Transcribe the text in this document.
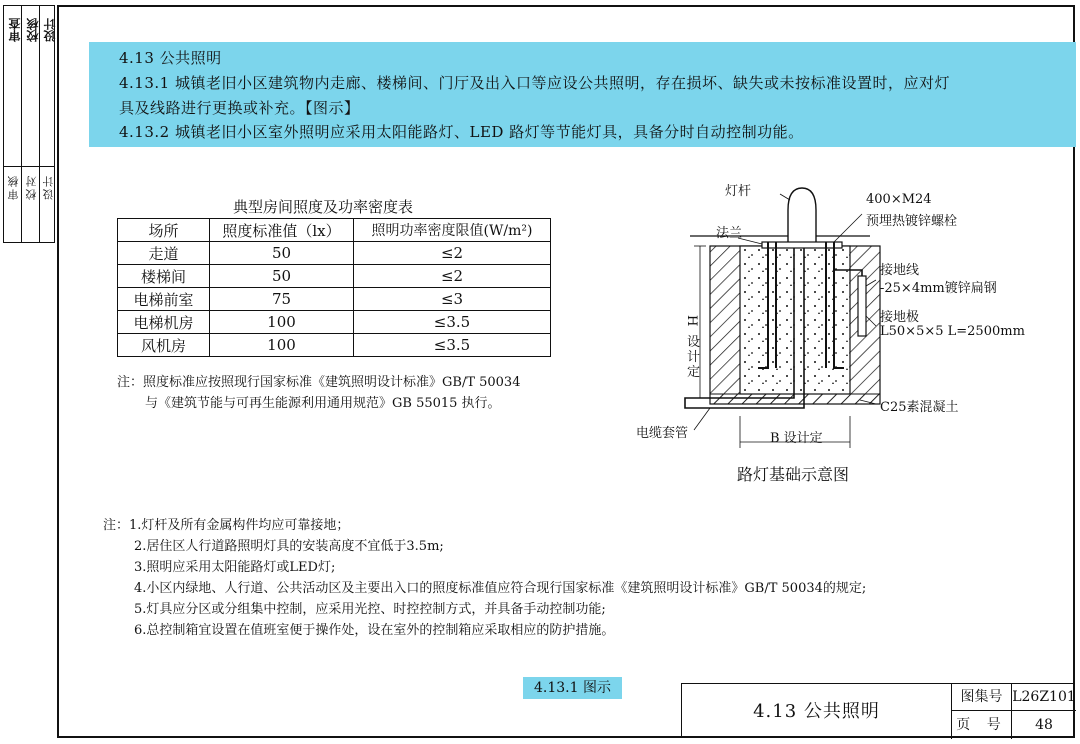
审核 校对 设计
审查 校核 设计
4.13 公共照明
4.13.1 城镇老旧小区建筑物内走廊、楼梯间、门厅及出入口等应设公共照明，存在损坏、缺失或未按标准设置时，应对灯
具及线路进行更换或补充。【图示】
4.13.2 城镇老旧小区室外照明应采用太阳能路灯、LED 路灯等节能灯具，具备分时自动控制功能。
典型房间照度及功率密度表
场所	照度标准值（lx）	照明功率密度限值(W/m²)
走道	50	≤2
楼梯间	50	≤2
电梯前室	75	≤3
电梯机房	100	≤3.5
风机房	100	≤3.5
注：照度标准应按照现行国家标准《建筑照明设计标准》GB/T 50034
与《建筑节能与可再生能源利用通用规范》GB 55015 执行。
灯杆
法兰
400×M24
预埋热镀锌螺栓
接地线
-25×4mm镀锌扁钢
接地极
L50×5×5 L=2500mm
H 设计定
C25素混凝土
电缆套管	B 设计定
路灯基础示意图
注：1.灯杆及所有金属构件均应可靠接地；
2.居住区人行道路照明灯具的安装高度不宜低于3.5m;
3.照明应采用太阳能路灯或LED灯;
4.小区内绿地、人行道、公共活动区及主要出入口的照度标准值应符合现行国家标准《建筑照明设计标准》GB/T 50034的规定;
5.灯具应分区或分组集中控制，应采用光控、时控控制方式，并具备手动控制功能;
6.总控制箱宜设置在值班室便于操作处，设在室外的控制箱应采取相应的防护措施。
4.13.1 图示
4.13 公共照明
图集号 L26Z101
页 号	48
